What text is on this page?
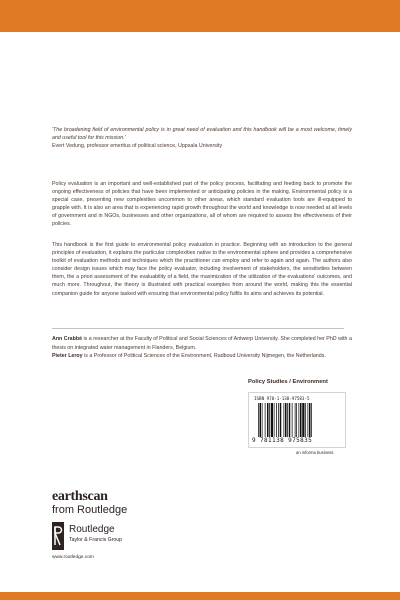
'The broadening field of environmental policy is in great need of evaluation and this handbook will be a most welcome, timely and useful tool for this mission.'
Evert Vedung, professor emeritus of political science, Uppsala University

Policy evaluation is an important and well-established part of the policy process, facilitating and feeding back to promote the ongoing effectiveness of policies that have been implemented or anticipating policies in the making. Environmental policy is a special case, presenting new complexities uncommon to other areas, which standard evaluation tools are ill-equipped to grapple with. It is also an area that is experiencing rapid growth throughout the world and knowledge is now needed at all levels of government and in NGOs, businesses and other organizations, all of whom are required to assess the effectiveness of their policies.

This handbook is the first guide to environmental policy evaluation in practice. Beginning with an introduction to the general principles of evaluation, it explains the particular complexities native to the environmental sphere and provides a comprehensive toolkit of evaluation methods and techniques which the practitioner can employ and refer to again and again. The authors also consider design issues which may face the policy evaluator, including involvement of stakeholders, the sensitivities between them, the a priori assessment of the evaluability of a field, the maximization of the utilization of the evaluations' outcomes, and much more. Throughout, the theory is illustrated with practical examples from around the world, making this the essential companion guide for anyone tasked with ensuring that environmental policy fulfils its aims and achieves its potential.

Ann Crabbé is a researcher at the Faculty of Political and Social Sciences of Antwerp University. She completed her PhD with a thesis on integrated water management in Flanders, Belgium.
Pieter Leroy is a Professor of Political Sciences of the Environment, Radboud University Nijmegen, the Netherlands.
Policy Studies / Environment
ISBN 978-1-138-97583-5
9 781138 975835
an informa business
earthscan
from Routledge
Routledge
Taylor & Francis Group
www.routledge.com
